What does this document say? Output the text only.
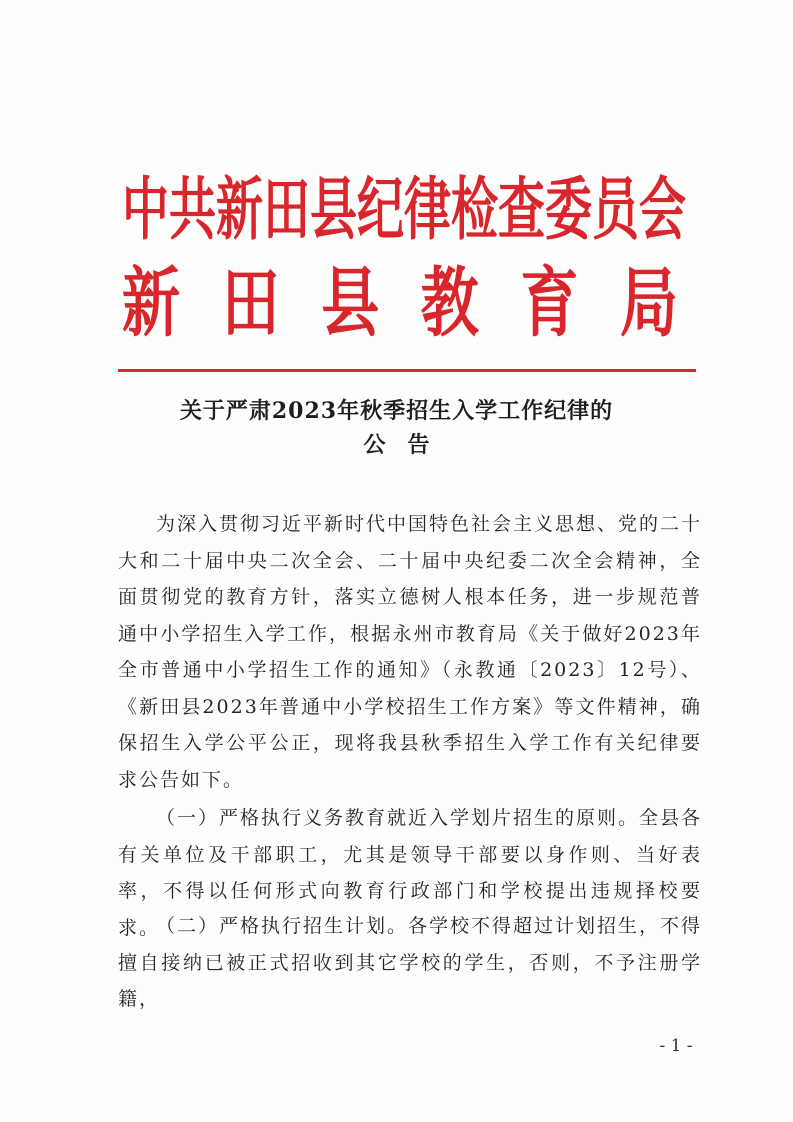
中 共 新 田 县 纪 律 检 查 委 员 会
新 田 县 教 育 局
关于严肃2023年秋季招生入学工作纪律的
公告
为深入贯彻习近平新时代中国特色社会主义思想、党的二十大和二十届中央二次全会、二十届中央纪委二次全会精神，全面贯彻党的教育方针，落实立德树人根本任务，进一步规范普通中小学招生入学工作，根据永州市教育局《关于做好2023年全市普通中小学招生工作的通知》（永教通〔2023〕12号）、《新田县2023年普通中小学校招生工作方案》等文件精神，确保招生入学公平公正，现将我县秋季招生入学工作有关纪律要求公告如下。
（一）严格执行义务教育就近入学划片招生的原则。全县各有关单位及干部职工，尤其是领导干部要以身作则、当好表率，不得以任何形式向教育行政部门和学校提出违规择校要求。
（二）严格执行招生计划。各学校不得超过计划招生，不得擅自接纳已被正式招收到其它学校的学生，否则，不予注册学籍，
- 1 -
